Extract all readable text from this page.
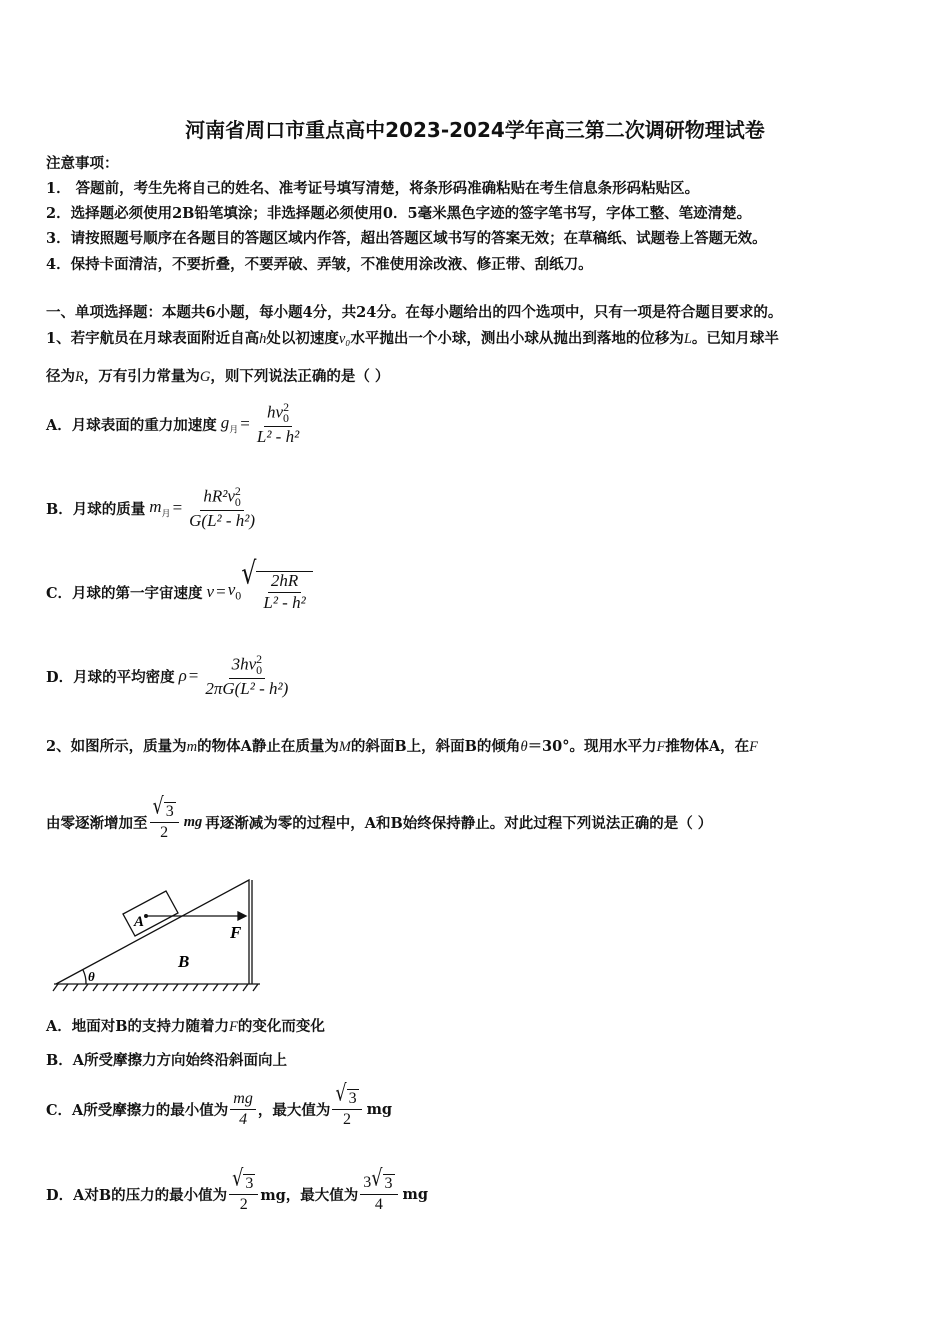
河南省周口市重点高中2023-2024学年高三第二次调研物理试卷
注意事项：
1． 答题前，考生先将自己的姓名、准考证号填写清楚，将条形码准确粘贴在考生信息条形码粘贴区。
2．选择题必须使用2B铅笔填涂；非选择题必须使用0．5毫米黑色字迹的签字笔书写，字体工整、笔迹清楚。
3．请按照题号顺序在各题目的答题区域内作答，超出答题区域书写的答案无效；在草稿纸、试题卷上答题无效。
4．保持卡面清洁，不要折叠，不要弄破、弄皱，不准使用涂改液、修正带、刮纸刀。
一、单项选择题：本题共6小题，每小题4分，共24分。在每小题给出的四个选项中，只有一项是符合题目要求的。
1、若宇航员在月球表面附近自高h处以初速度v₀水平抛出一个小球，测出小球从抛出到落地的位移为L。已知月球半
径为R，万有引力常量为G，则下列说法正确的是（ ）
A．月球表面的重力加速度 $g_月 = \frac{hv^2_0}{\text{L² - h²}}$
B．月球的质量 $m_月 = \frac{hR^2v^2_0}{\text{G(L² - h²)}}$
C．月球的第一宇宙速度 $v = v_0$
√ $\frac{2hR}{\text{L² - h²}}$
D．月球的平均密度 $\rho = \frac{3hv^2_0}{\text{2πG(L² - h²)}}$
2、如图所示，质量为m的物体A静止在质量为M的斜面B上，斜面B的倾角θ＝30°。现用水平力F推物体A，在F
由零逐渐增加至 $\frac{√ 3}{2}$ mg 再逐渐减为零的过程中，A和B始终保持静止。对此过程下列说法正确的是（ ）
A
B
F
θ
A．地面对B的支持力随着力F的变化而变化
B．A所受摩擦力方向始终沿斜面向上
C．A所受摩擦力的最小值为 $\frac{mg}{4}$ ，最大值为 $\frac{√ 3}{2}$ mg
D．A对B的压力的最小值为 $\frac{√ 3}{2}$ mg，最大值为 $\frac{3 √ 3}{4}$ mg
